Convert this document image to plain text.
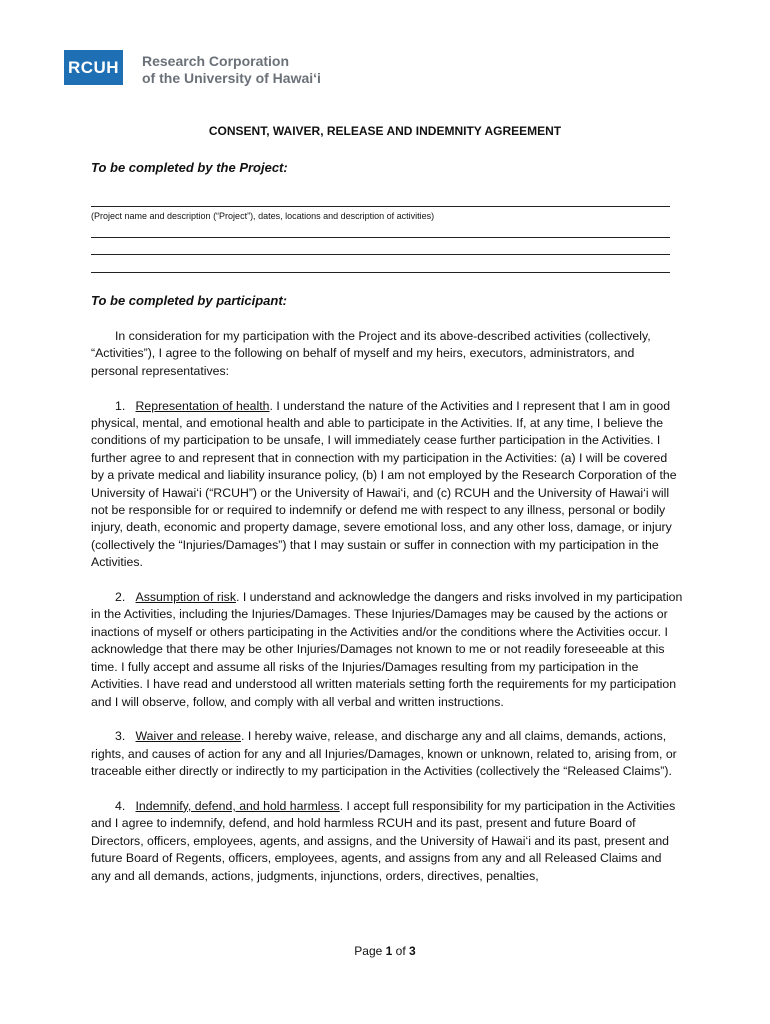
RCUH Research Corporation
of the University of Hawai‘i
CONSENT, WAIVER, RELEASE AND INDEMNITY AGREEMENT
To be completed by the Project:
(Project name and description (“Project”), dates, locations and description of activities)
To be completed by participant:

In consideration for my participation with the Project and its above-described activities (collectively, “Activities”), I agree to the following on behalf of myself and my heirs, executors, administrators, and personal representatives:

1. Representation of health. I understand the nature of the Activities and I represent that I am in good physical, mental, and emotional health and able to participate in the Activities. If, at any time, I believe the conditions of my participation to be unsafe, I will immediately cease further participation in the Activities. I further agree to and represent that in connection with my participation in the Activities: (a) I will be covered by a private medical and liability insurance policy, (b) I am not employed by the Research Corporation of the University of Hawai‘i (“RCUH”) or the University of Hawai‘i, and (c) RCUH and the University of Hawai‘i will not be responsible for or required to indemnify or defend me with respect to any illness, personal or bodily injury, death, economic and property damage, severe emotional loss, and any other loss, damage, or injury (collectively the “Injuries/Damages”) that I may sustain or suffer in connection with my participation in the Activities.

2. Assumption of risk. I understand and acknowledge the dangers and risks involved in my participation in the Activities, including the Injuries/Damages. These Injuries/Damages may be caused by the actions or inactions of myself or others participating in the Activities and/or the conditions where the Activities occur. I acknowledge that there may be other Injuries/Damages not known to me or not readily foreseeable at this time. I fully accept and assume all risks of the Injuries/Damages resulting from my participation in the Activities. I have read and understood all written materials setting forth the requirements for my participation and I will observe, follow, and comply with all verbal and written instructions.

3. Waiver and release. I hereby waive, release, and discharge any and all claims, demands, actions, rights, and causes of action for any and all Injuries/Damages, known or unknown, related to, arising from, or traceable either directly or indirectly to my participation in the Activities (collectively the “Released Claims”).

4. Indemnify, defend, and hold harmless. I accept full responsibility for my participation in the Activities and I agree to indemnify, defend, and hold harmless RCUH and its past, present and future Board of Directors, officers, employees, agents, and assigns, and the University of Hawai‘i and its past, present and future Board of Regents, officers, employees, agents, and assigns from any and all Released Claims and any and all demands, actions, judgments, injunctions, orders, directives, penalties,

Page 1 of 3
